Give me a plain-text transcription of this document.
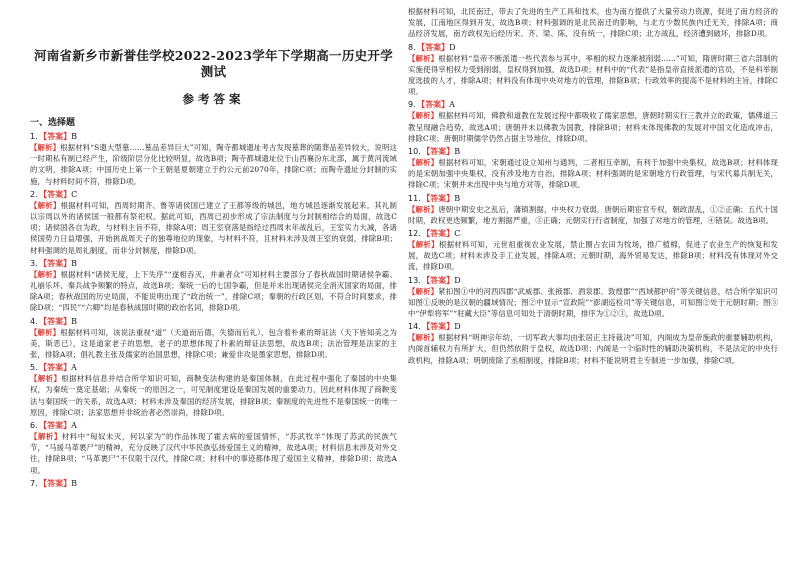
河南省新乡市新誉佳学校2022-2023学年下学期高一历史开学测试
参考答案
一、选择题
1．【答案】B
【解析】根据材料“S遗大型墓……墓品差异巨大”可知，陶寺都城遗址考古发现墓葬的随葬品差异较大，说明这一时期私有制已经产生，阶级阶层分化比较明显，故选B项；陶寺都城遗址位于山西襄汾东北部，属于黄河流域的文明，排除A项；中国历史上第一个王朝是夏朝建立于约公元前2070年，排除C项；而陶寺遗址分封制的实施，与材料时间不符，排除D项。
2．【答案】C
【解析】根据材料可知，西周时期齐、鲁等诸侯国已建立了王都等级的城邑，地方城邑逐渐发展起来。其礼制以宗周以外的诸侯国一般都有祭祀权。据此可知，西周已初步形成了宗法制度与分封制相结合的局面，故选C项；诸侯国各自为政，与材料主旨不符，排除A项；周王室衰落是指经过西周末年战乱后，王室实力大减，各诸侯国势力日益增强，开始挑战周天子的独尊地位的现象，与材料不符，且材料未涉及周王室的衰弱，排除B项；材料强调的是周礼制度，而非分封制度，排除D项。
3．【答案】B
【解析】根据材料“诸侯无度，上下失序”“遂相吞灭，并兼者众”可知材料主要部分了春秋战国时期诸侯争霸、礼崩乐坏、秦兵战争频繁的特点，故选B项；秦统一后的七国争霸，但是并未出现诸侯完全消灭国家的局面，排除A项；春秋战国的历史局面，不能说明出现了“政治统一”，排除C项；秦朝的行政区划，不符合时间要求，排除D项；“四民”“六卿”均是春秋战国时期的政治名词，排除D项。
4．【答案】B
【解析】根据材料可知，该说法重视“道”（天道而后德，失德而后礼），包含着朴素的辩证法（天下皆知美之为美，斯恶已），这是道家老子的思想，老子的思想体现了朴素的辩证法思想，故选B项；法治管理是法家的主张，排除A项；倡礼教主张及儒家的治国思想，排除C项；兼爱非攻是墨家思想，排除D项。
5．【答案】A
【解析】根据材料信息并结合所学知识可知，商鞅变法构建的是秦国体制，在此过程中强化了秦国的中央集权，为秦统一奠定基础；从秦统一的原因之一，可见制度建设是秦国发展的重要动力，因此材料体现了商鞅变法与秦国统一的关系，故选A项；材料未涉及秦国的经济发展，排除B项；秦制度的先进性不是秦国统一的唯一原因，排除C项；法家思想并非统治者必然崇尚，排除D项。
6．【答案】A
【解析】材料中“匈奴未灭，何以家为”的作品体现了霍去病的爱国情怀，“苏武牧羊”体现了苏武的民族气节，“马援马革裹尸”的精神，充分反映了汉代中华民族弘扬爱国主义的精神，故选A项；材料信息未涉及对外交往，排除B项；“马革裹尸”不仅限于汉代，排除C项；材料中的事迹都体现了爱国主义精神，排除D项；故选A项。
7．【答案】B
根据材料可知，北民南迁，带去了先进的生产工具和技术，也为南方提供了大量劳动力资源，促进了南方经济的发展，江南地区得到开发，故选B项；材料强调的是北民南迁的影响，与北方少数民族内迁无关，排除A项；商品经济发展，南方政权先后经历宋、齐、梁、陈，没有统一，排除C项；北方战乱，经济遭到破坏，排除D项。
8．【答案】D
【解析】根据材料“皇帝不断派遣一些代表参与其中，率相的权力逐渐被削弱……”可知，隋唐时期三省六部制的实施使得宰相权力受到削弱，皇权得到加强，故选D项；材料中的“代表”是指皇帝直接派遣的官员，不是科举制度选拔的人才，排除A项；材料没有体现中央对地方的管理，排除B项；行政效率的提高不是材料的主旨，排除C项。
9．【答案】A
【解析】根据材料可知，佛教和道教在发展过程中都吸收了儒家思想，唐朝时期实行三教并立的政策，儒佛道三教呈现融合趋势，故选A项；唐朝并未以佛教为国教，排除B项；材料未体现佛教的发展对中国文化造成冲击，排除C项；唐朝时期儒学仍然占据主导地位，排除D项。
10．【答案】B
【解析】根据材料可知，宋朝通过设立知州与通判，二者相互牵制，有利于加强中央集权，故选B项；材料体现的是宋朝加强中央集权，没有涉及地方自治，排除A项；材料强调的是宋朝地方行政管理，与宋代募兵制无关，排除C项；宋朝并未出现中央与地方对等，排除D项。
11．【答案】B
【解析】唐朝中期安史之乱后，藩镇割据，中央权力衰弱，唐朝后期宦官专权，朝政混乱，①②正确；五代十国时期，政权更迭频繁，地方割据严重，③正确；元朝实行行省制度，加强了对地方的管理，④错误。故选B项。
12．【答案】C
【解析】根据材料可知，元世祖重视农业发展，禁止圈占农田为牧场，推广植棉，促进了农业生产的恢复和发展，故选C项；材料未涉及手工业发展，排除A项；元朝时期，海外贸易发达，排除B项；材料没有体现对外交流，排除D项。
13．【答案】D
【解析】紧扣图①中的河西四郡“武威郡、张掖郡、酒泉郡、敦煌郡”“西域都护府”等关键信息，结合所学知识可知图①反映的是汉朝的疆域情况；图②中显示“宣政院”“澎湖巡检司”等关键信息，可知图②处于元朝时期；图③中“伊犁将军”“驻藏大臣”等信息可知处于清朝时期，排序为①②③，故选D项。
14．【答案】D
【解析】根据材料“明神宗年幼，一切军政大事均由张居正主持裁决”可知，内阁成为皇帝施政的重要辅助机构，内阁首辅权力有所扩大，但仍然依附于皇权，故选D项；内阁是一个临时性的辅助决策机构，不是法定的中央行政机构，排除A项；明朝废除了丞相制度，排除B项；材料不能说明君主专制进一步加强，排除C项。
